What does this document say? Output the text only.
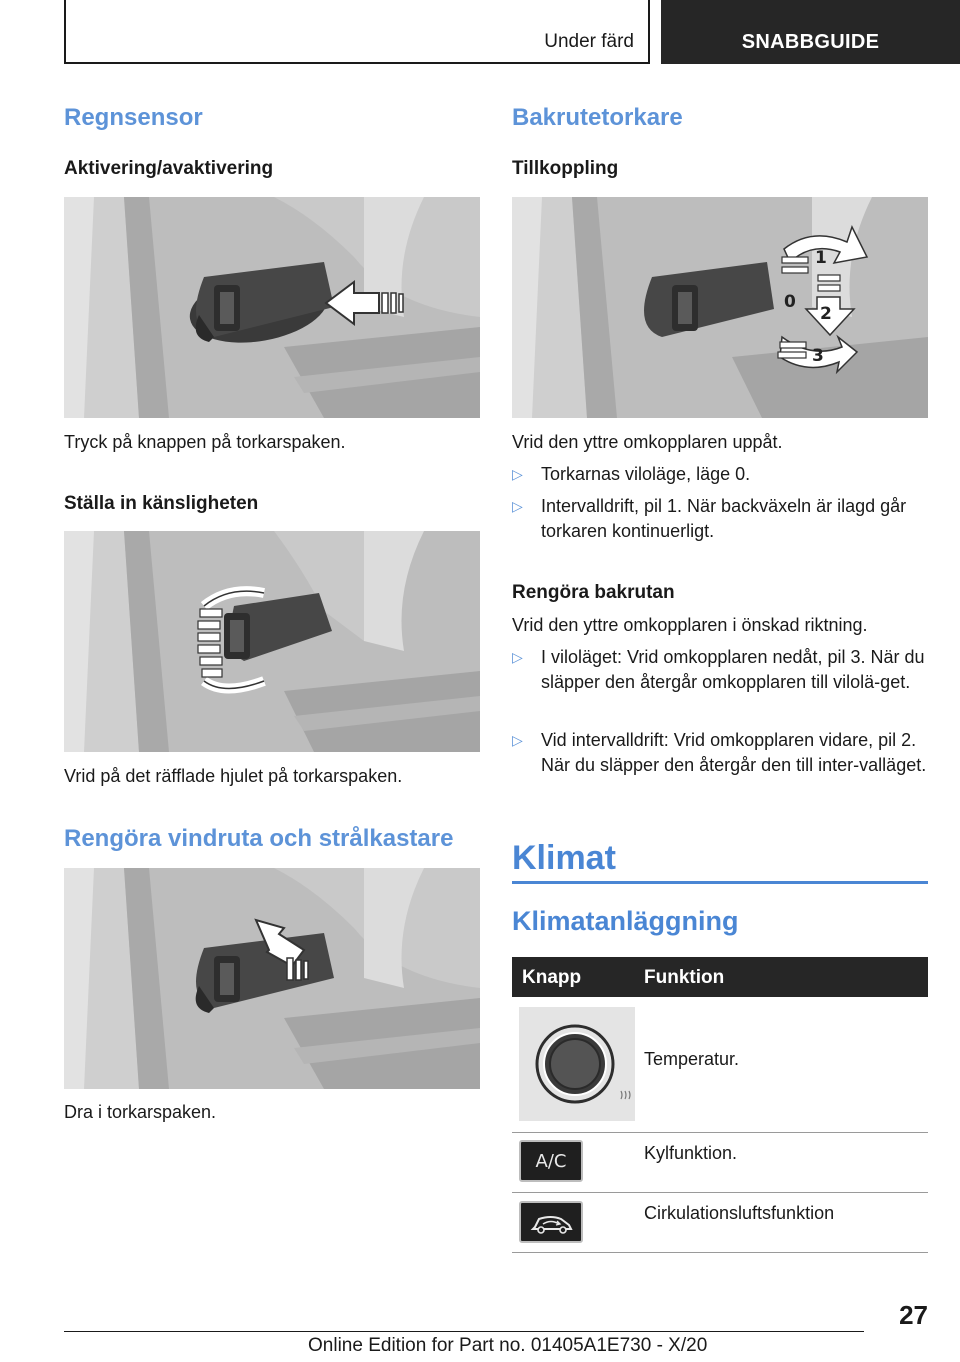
Under färd	SNABBGUIDE
Regnsensor
Aktivering/avaktivering
Tryck på knappen på torkarspaken.
Ställa in känsligheten
Vrid på det räfflade hjulet på torkarspaken.
Rengöra vindruta och strålkastare
Dra i torkarspaken.
Bakrutetorkare
Tillkoppling
1
0
2
3
Vrid den yttre omkopplaren uppåt.
▷ Torkarnas viloläge, läge 0.
▷ Intervalldrift, pil 1. När backväxeln är ilagd går torkaren kontinuerligt.
Rengöra bakrutan
Vrid den yttre omkopplaren i önskad riktning.
▷ I viloläget: Vrid omkopplaren nedåt, pil 3. När du släpper den återgår omkopplaren till vilolä-get.
▷ Vid intervalldrift: Vrid omkopplaren vidare, pil 2. När du släpper den återgår den till inter-valläget.
Klimat
Klimatanläggning
Knapp	Funktion
Temperatur.
A/C	Kylfunktion.
Cirkulationsluftsfunktion
27
Online Edition for Part no. 01405A1E730 - X/20
